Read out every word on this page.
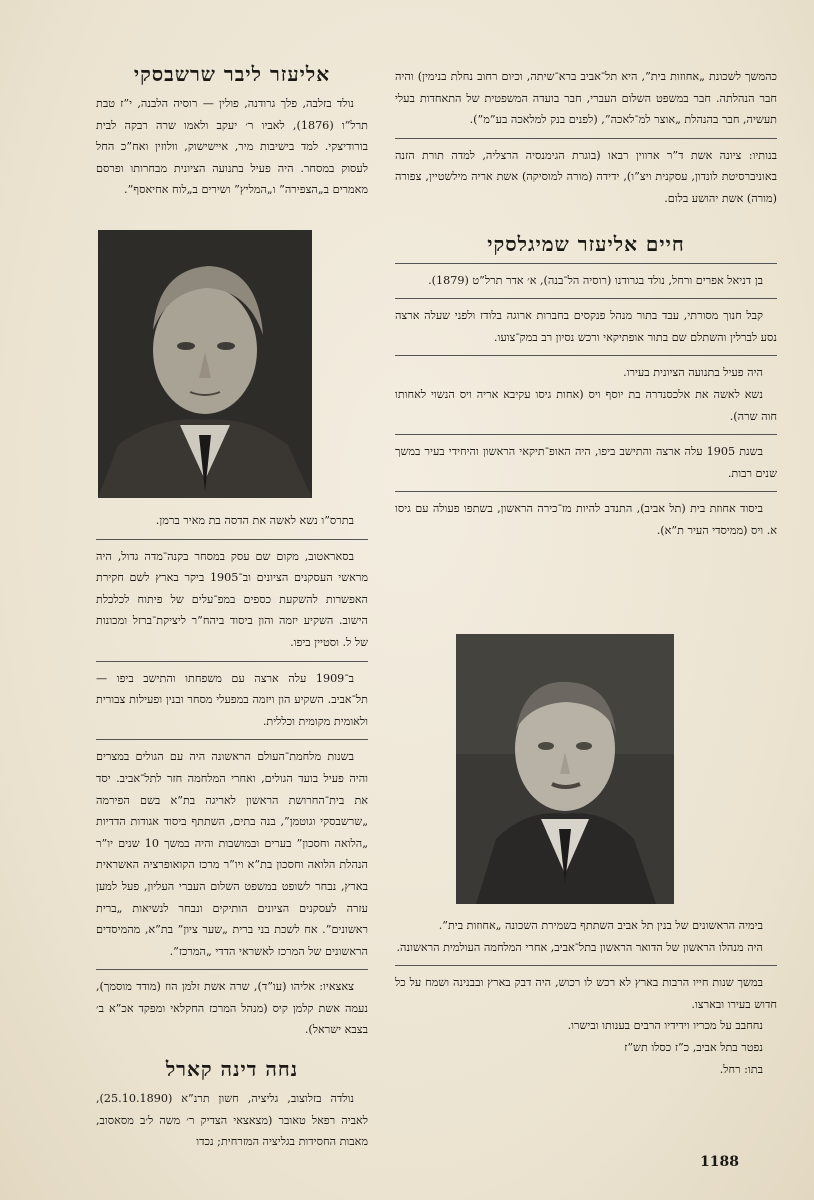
כהמשך לשכונת „אחוזות בית”, היא תל־אביב ברא־שיתה, וכיום רחוב נחלת בנימין) והיה חבר הנהלתה. חבר במשפט השלום העברי, חבר בועדה המשפטית של התאחדות בעלי תעשיה, חבר בהנהלת „אוצר למ־לאכה”, (לפנים בנק למלאכה בע”מ”).

בנותיו: ציונה אשת ד”ר ארווין רבאו (בוגרת הגימנסיה הרצליה, למדה תורת הזנה באוניברסיטת לונדון, עסקנית ויצ”ו), ידידה (מורה למוסיקה) אשת אריה מילשטיין, צפורה (מורה) אשת יהושע בלום.

חיים אליעזר שמיגלסקי

בן דניאל אפרים ורחל, נולד בגרודנו (רוסיה הל־בנה), א׳ אדר תרל”ט (1879).

קבל חנוך מסורתי, עבד בתור מנהל פנקסים בחברות ארוגה בלודז ולפני שעלה ארצה נסע לברלין והשתלם שם בתור אופתיקאי ורכש נסיון רב במק־צועו.

היה פעיל בתנועה הציונית בעירו.

נשא לאשה את אלכסנדרה בת יוסף ויס (אחות גיסו עקיבא אריה ויס הנשוי לאחותו חוה שרה).

בשנת 1905 עלה ארצה והתישב ביפו, היה האופ־תיקאי הראשון והיחידי בעיר במשך שנים רבות.

ביסוד אחוזת בית (תל אביב), התנדב להיות מז־כירה הראשון, בשתפו פעולה עם גיסו א. ויס (ממיסדי העיר ת”א).

בימיה הראשונים של בנין תל אביב השתתף בשמירת השכונה „אחוזות בית”.

היה מנהלו הראשון של הדואר הראשון בתל־אביב, אחרי המלחמה העולמית הראשונה.

במשך שנות חייו הרבות בארץ לא רכש לו רכוש, היה דבק בארץ ובבנינה ושמח על כל חדוש בעירו ובארצו.

נחחבב על מכריו וידידיו הרבים בענותו ובישרו.

נפטר בתל אביב, כ”ז כסלו תש”ז

בתו: רחל.

אליעזר ליבר שרשבסקי

נולד בזלבה, פלך גרודנה, פולין — רוסיה הלבנה, י”ז טבת תרל”ו (1876), לאביו ר׳ יעקב ולאמו שרה רבקה לבית בורודיצקי. למד בישיבות מיר, איישישוק, וולוזין ואח”כ החל לעסוק במסחר. היה פעיל בתנועה הציונית מבחרותו ופרסם מאמרים ב„הצפירה” ו„המליץ” ושירים ב„לוח אחיאסף”.

בתרס”ו נשא לאשה את הדסה בת מאיר ברמן.

בסאראטוב, מקום שם עסק במסחר בקנה־מדה גדול, היה מראשי העסקנים הציונים וב־1905 ביקר בארץ לשם חקירת האפשרות להשקעת כספים במפ־עלים של פיתוח לכלכלת הישוב. השקיע יזמה והון ביסוד ביהח”ר ליציקת־ברזל ומכונות של ל. וסטיין ביפו.

ב־1909 עלה ארצה עם משפחתו והתישב ביפו — תל־אביב. השקיע הון ויזמה במפעלי מסחר ובנין ופעילות צבורית ולאומית מקומית וכללית.

בשנות מלחמת־העולם הראשונה היה עם הגולים במצרים והיה פעיל בועד הגולים, ואחרי המלחמה חזר לתל־אביב. יסד את בית־החרושת הראשון לאריגה בת”א בשם הפירמה „שרשבסקי וגוטמן”, בנה בתים, השתתף ביסוד אגודות הדדיות „הלואה וחסכון” בערים ובמושבות והיה במשך 10 שנים יו”ר הנהלת הלואה וחסכון בת”א ויו”ר מרכז הקואופרציה האשראית בארץ, נבחר לשופט במשפט השלום העברי העליון, פעל למען עזרה לעסקנים הציונים הותיקים ונבחר לנשיאות „ברית ראשונים”. אח לשכת בני ברית „שער ציון” בת”א, מהמיסדים הראשונים של המרכז לאשראי הדדי „המרכז”.

צאצאיו: אליהו (עו”ד), שרה אשת זלמן הוז (מודד מוסמך), נעמה אשת קלמן קיס (מנהל המרכז החקלאי ומפקד אכ”א ב׳ בצבא ישראל).

נחה דינה קארל

נולדה בזלוצוב, גליציה, חשון תרנ”א (25.10.1890), לאביה רפאל טאובר (מצאצאי הצדיק ר׳ משה ל׳ב מסאסוב, מאבות החסידות בגליציה המזרחית; נכדו

1188
